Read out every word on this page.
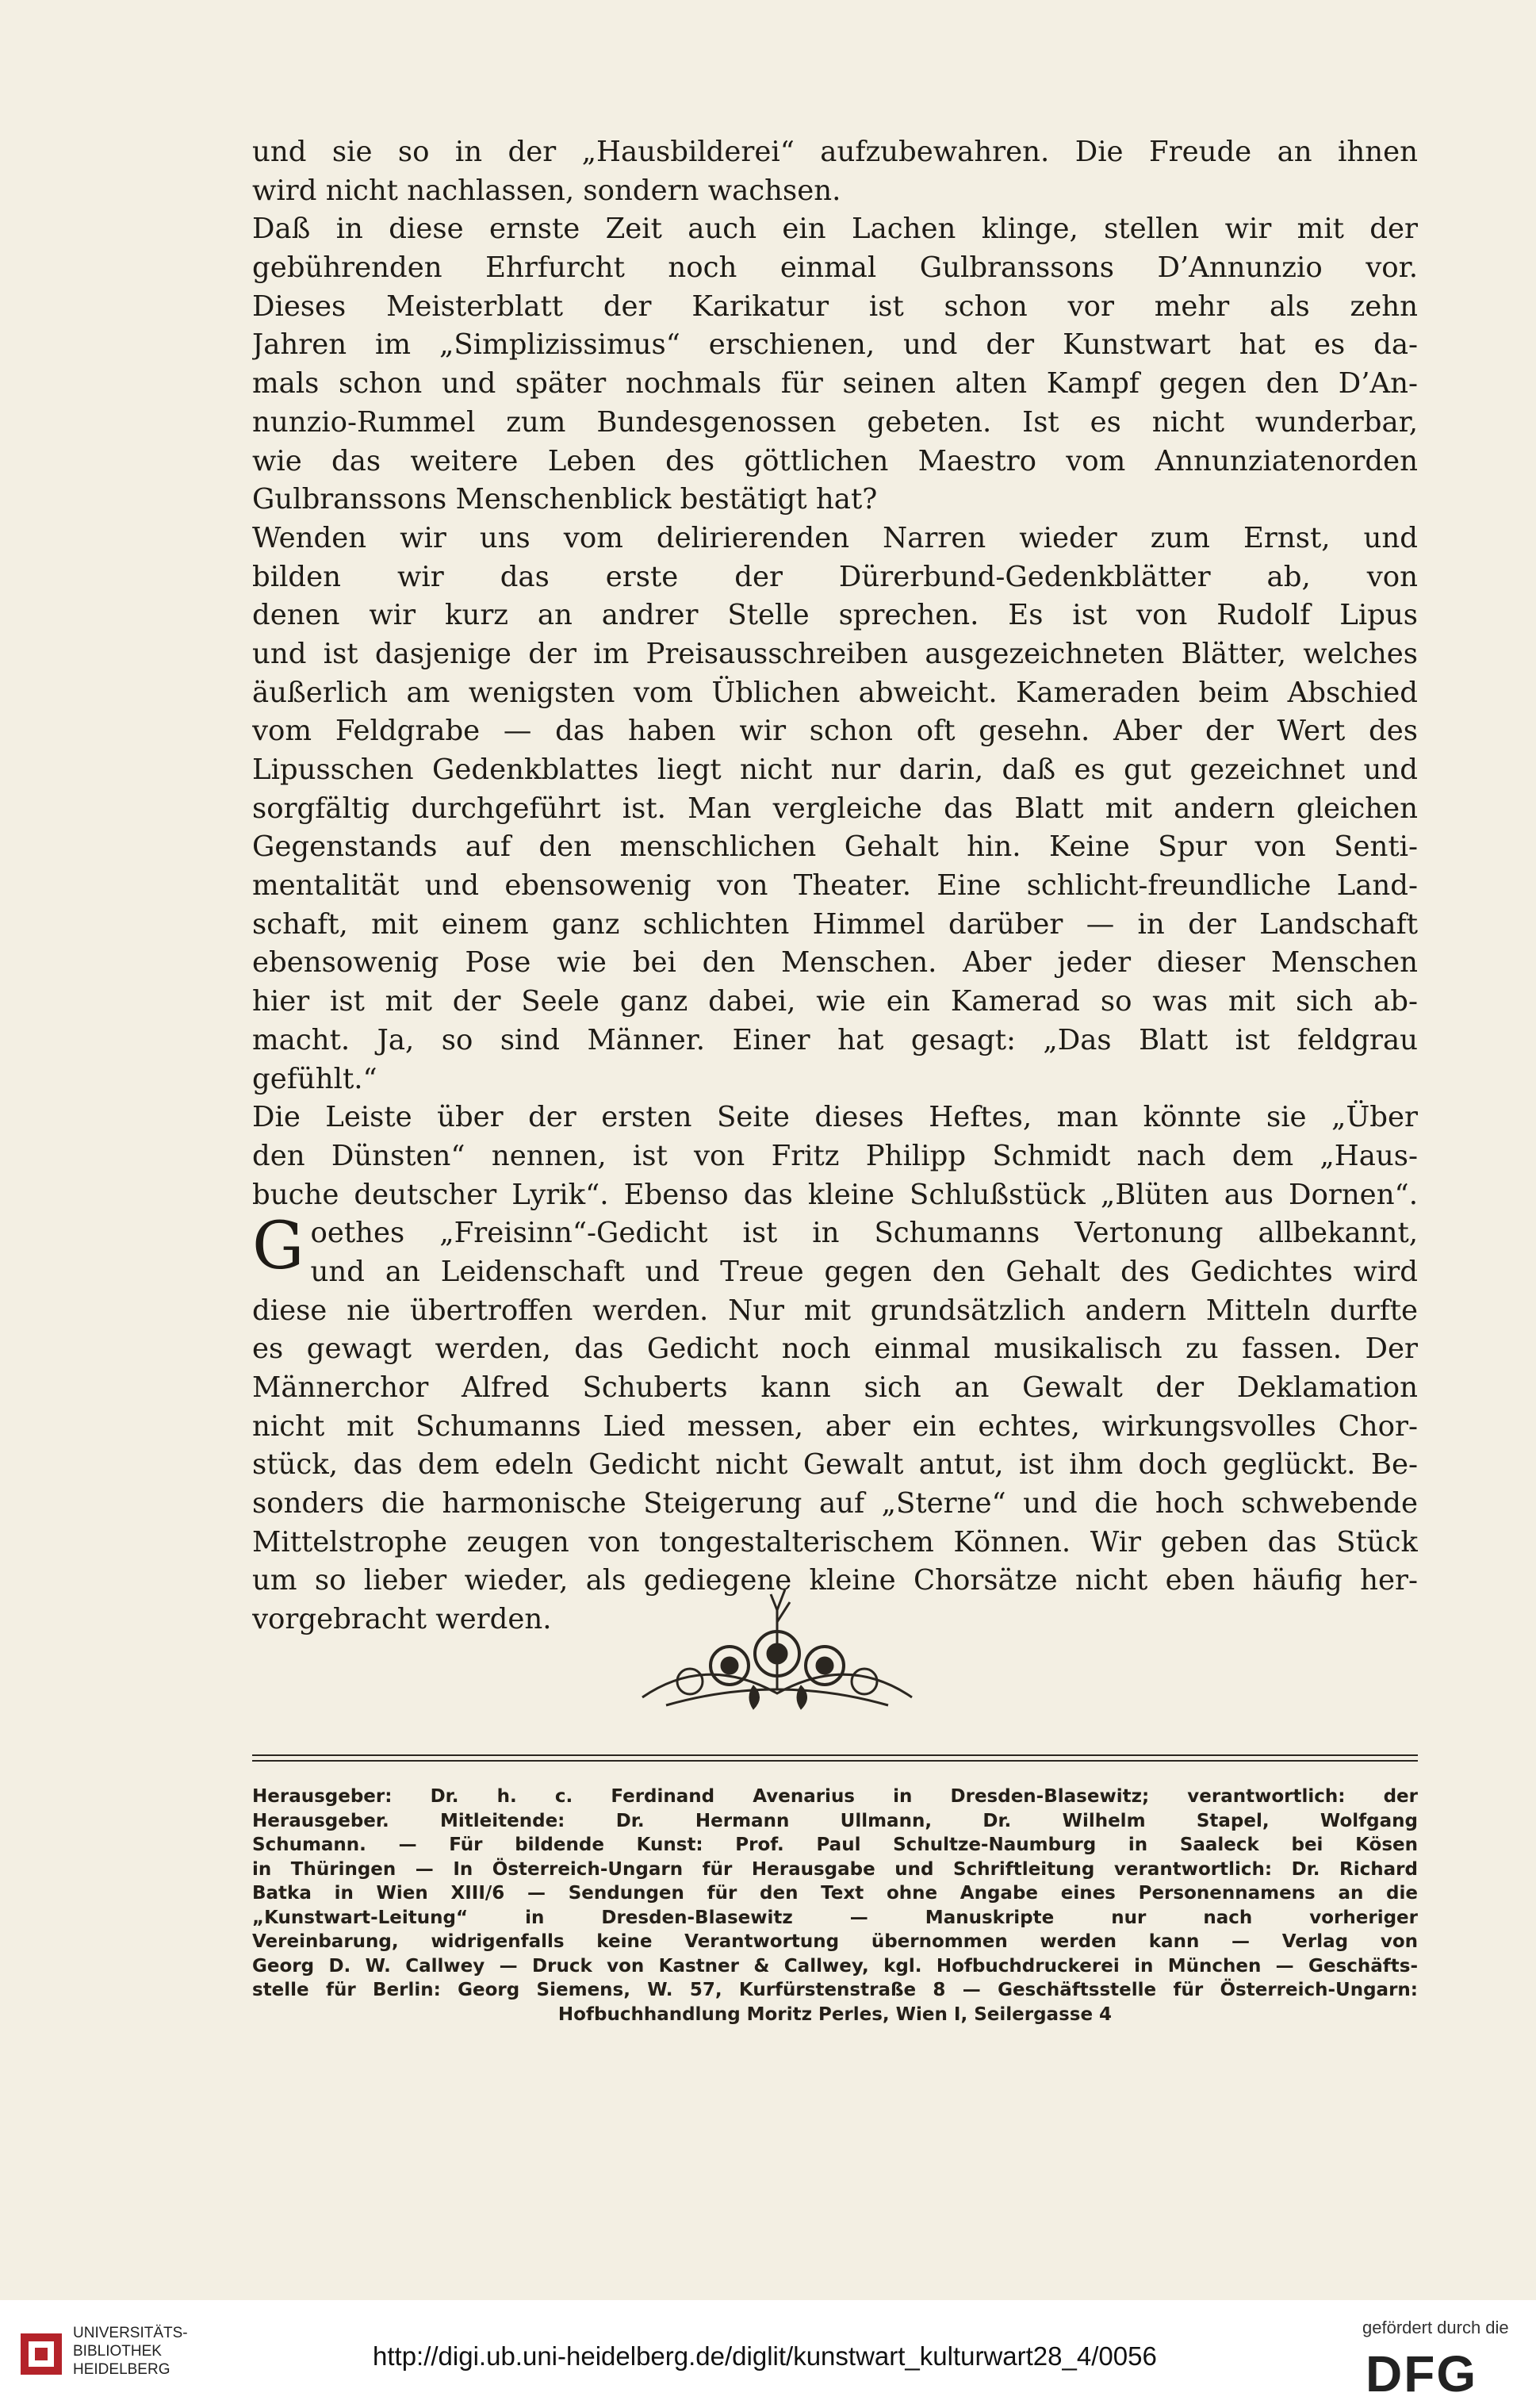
und sie so in der „Hausbilderei“ aufzubewahren. Die Freude an ihnen
wird nicht nachlassen, sondern wachsen.
Daß in diese ernste Zeit auch ein Lachen klinge, stellen wir mit der
gebührenden Ehrfurcht noch einmal Gulbranssons D’Annunzio vor.
Dieses Meisterblatt der Karikatur ist schon vor mehr als zehn
Jahren im „Simplizissimus“ erschienen, und der Kunstwart hat es da-
mals schon und später nochmals für seinen alten Kampf gegen den D’An-
nunzio-Rummel zum Bundesgenossen gebeten. Ist es nicht wunderbar,
wie das weitere Leben des göttlichen Maestro vom Annunziatenorden
Gulbranssons Menschenblick bestätigt hat?
Wenden wir uns vom delirierenden Narren wieder zum Ernst, und
bilden wir das erste der Dürerbund-Gedenkblätter ab, von
denen wir kurz an andrer Stelle sprechen. Es ist von Rudolf Lipus
und ist dasjenige der im Preisausschreiben ausgezeichneten Blätter, welches
äußerlich am wenigsten vom Üblichen abweicht. Kameraden beim Abschied
vom Feldgrabe — das haben wir schon oft gesehn. Aber der Wert des
Lipusschen Gedenkblattes liegt nicht nur darin, daß es gut gezeichnet und
sorgfältig durchgeführt ist. Man vergleiche das Blatt mit andern gleichen
Gegenstands auf den menschlichen Gehalt hin. Keine Spur von Senti-
mentalität und ebensowenig von Theater. Eine schlicht-freundliche Land-
schaft, mit einem ganz schlichten Himmel darüber — in der Landschaft
ebensowenig Pose wie bei den Menschen. Aber jeder dieser Menschen
hier ist mit der Seele ganz dabei, wie ein Kamerad so was mit sich ab-
macht. Ja, so sind Männer. Einer hat gesagt: „Das Blatt ist feldgrau
gefühlt.“
Die Leiste über der ersten Seite dieses Heftes, man könnte sie „Über
den Dünsten“ nennen, ist von Fritz Philipp Schmidt nach dem „Haus-
buche deutscher Lyrik“. Ebenso das kleine Schlußstück „Blüten aus Dornen“.
G oethes „Freisinn“-Gedicht ist in Schumanns Vertonung allbekannt,
und an Leidenschaft und Treue gegen den Gehalt des Gedichtes wird
diese nie übertroffen werden. Nur mit grundsätzlich andern Mitteln durfte
es gewagt werden, das Gedicht noch einmal musikalisch zu fassen. Der
Männerchor Alfred Schuberts kann sich an Gewalt der Deklamation
nicht mit Schumanns Lied messen, aber ein echtes, wirkungsvolles Chor-
stück, das dem edeln Gedicht nicht Gewalt antut, ist ihm doch geglückt. Be-
sonders die harmonische Steigerung auf „Sterne“ und die hoch schwebende
Mittelstrophe zeugen von tongestalterischem Können. Wir geben das Stück
um so lieber wieder, als gediegene kleine Chorsätze nicht eben häufig her-
vorgebracht werden.
Herausgeber: Dr. h. c. Ferdinand Avenarius in Dresden-Blasewitz; verantwortlich: der
Herausgeber. Mitleitende: Dr. Hermann Ullmann, Dr. Wilhelm Stapel, Wolfgang
Schumann. — Für bildende Kunst: Prof. Paul Schultze-Naumburg in Saaleck bei Kösen
in Thüringen — In Österreich-Ungarn für Herausgabe und Schriftleitung verantwortlich: Dr. Richard
Batka in Wien XIII/6 — Sendungen für den Text ohne Angabe eines Personennamens an die
„Kunstwart-Leitung“ in Dresden-Blasewitz — Manuskripte nur nach vorheriger
Vereinbarung, widrigenfalls keine Verantwortung übernommen werden kann — Verlag von
Georg D. W. Callwey — Druck von Kastner & Callwey, kgl. Hofbuchdruckerei in München — Geschäfts-
stelle für Berlin: Georg Siemens, W. 57, Kurfürstenstraße 8 — Geschäftsstelle für Österreich-Ungarn:
Hofbuchhandlung Moritz Perles, Wien I, Seilergasse 4
UNIVERSITÄTS-
BIBLIOTHEK
HEIDELBERG	http://digi.ub.uni-heidelberg.de/diglit/kunstwart_kulturwart28_4/0056
gefördert durch die
DFG
